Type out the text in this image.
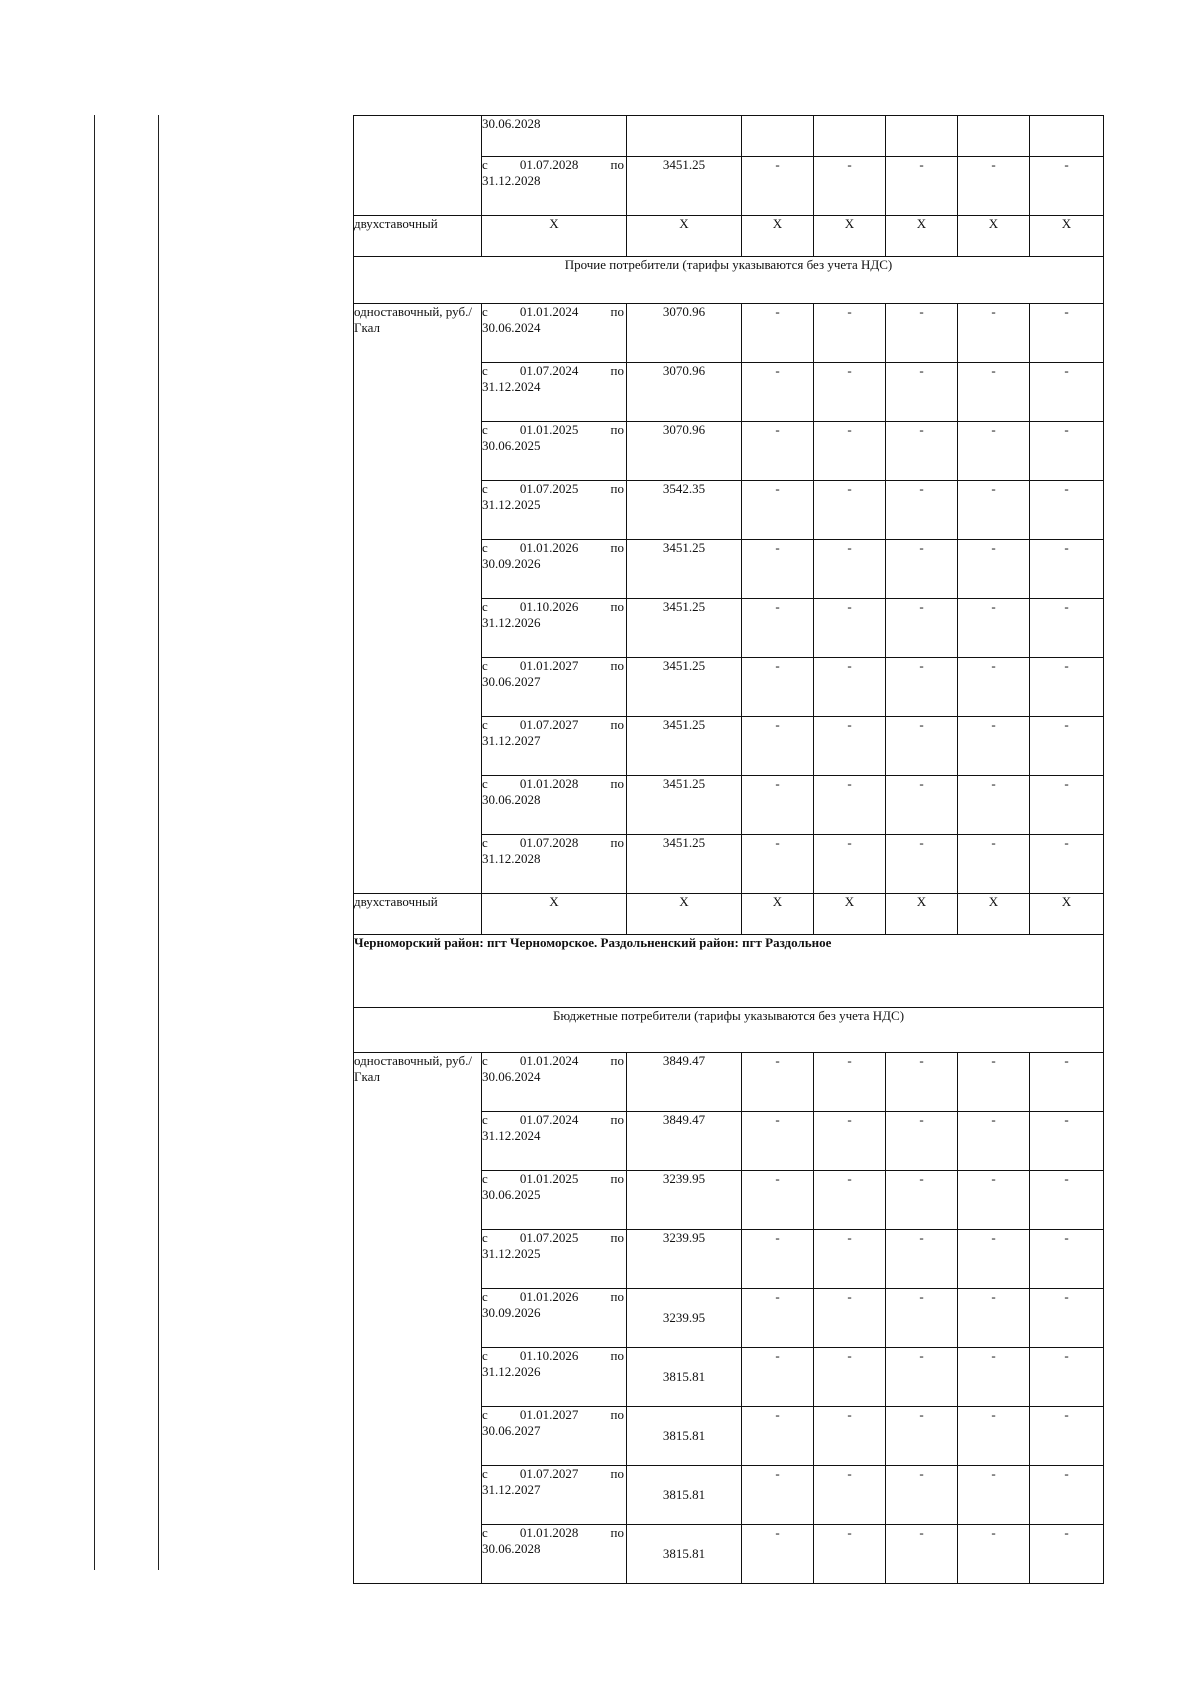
	30.06.2028						

	с 01.07.2028 по
31.12.2028	3451.25	-	-	-	-	-
двухставочный	X	X	X	X	X	X	X
Прочие потребители (тарифы указываются без учета НДС)							
одноставочный, руб./Гкал	с 01.01.2024 по
30.06.2024	3070.96	-	-	-	-	-

	с 01.07.2024 по
31.12.2024	3070.96	-	-	-	-	-

	с 01.01.2025 по
30.06.2025	3070.96	-	-	-	-	-

	с 01.07.2025 по
31.12.2025	3542.35	-	-	-	-	-

	с 01.01.2026 по
30.09.2026	3451.25	-	-	-	-	-

	с 01.10.2026 по
31.12.2026	3451.25	-	-	-	-	-

	с 01.01.2027 по
30.06.2027	3451.25	-	-	-	-	-

	с 01.07.2027 по
31.12.2027	3451.25	-	-	-	-	-

	с 01.01.2028 по
30.06.2028	3451.25	-	-	-	-	-

	с 01.07.2028 по
31.12.2028	3451.25	-	-	-	-	-
двухставочный	X	X	X	X	X	X	X
Черноморский район: пгт Черноморское. Раздольненский район: пгт Раздольное							
Бюджетные потребители (тарифы указываются без учета НДС)							
одноставочный, руб./Гкал	с 01.01.2024 по
30.06.2024	3849.47	-	-	-	-	-

	с 01.07.2024 по
31.12.2024	3849.47	-	-	-	-	-

	с 01.01.2025 по
30.06.2025	3239.95	-	-	-	-	-

	с 01.07.2025 по
31.12.2025	3239.95	-	-	-	-	-

	с 01.01.2026 по
30.09.2026	3239.95	-	-	-	-	-

	с 01.10.2026 по
31.12.2026	3815.81	-	-	-	-	-

	с 01.01.2027 по
30.06.2027	3815.81	-	-	-	-	-

	с 01.07.2027 по
31.12.2027	3815.81	-	-	-	-	-

	с 01.01.2028 по
30.06.2028	3815.81	-	-	-	-	-
